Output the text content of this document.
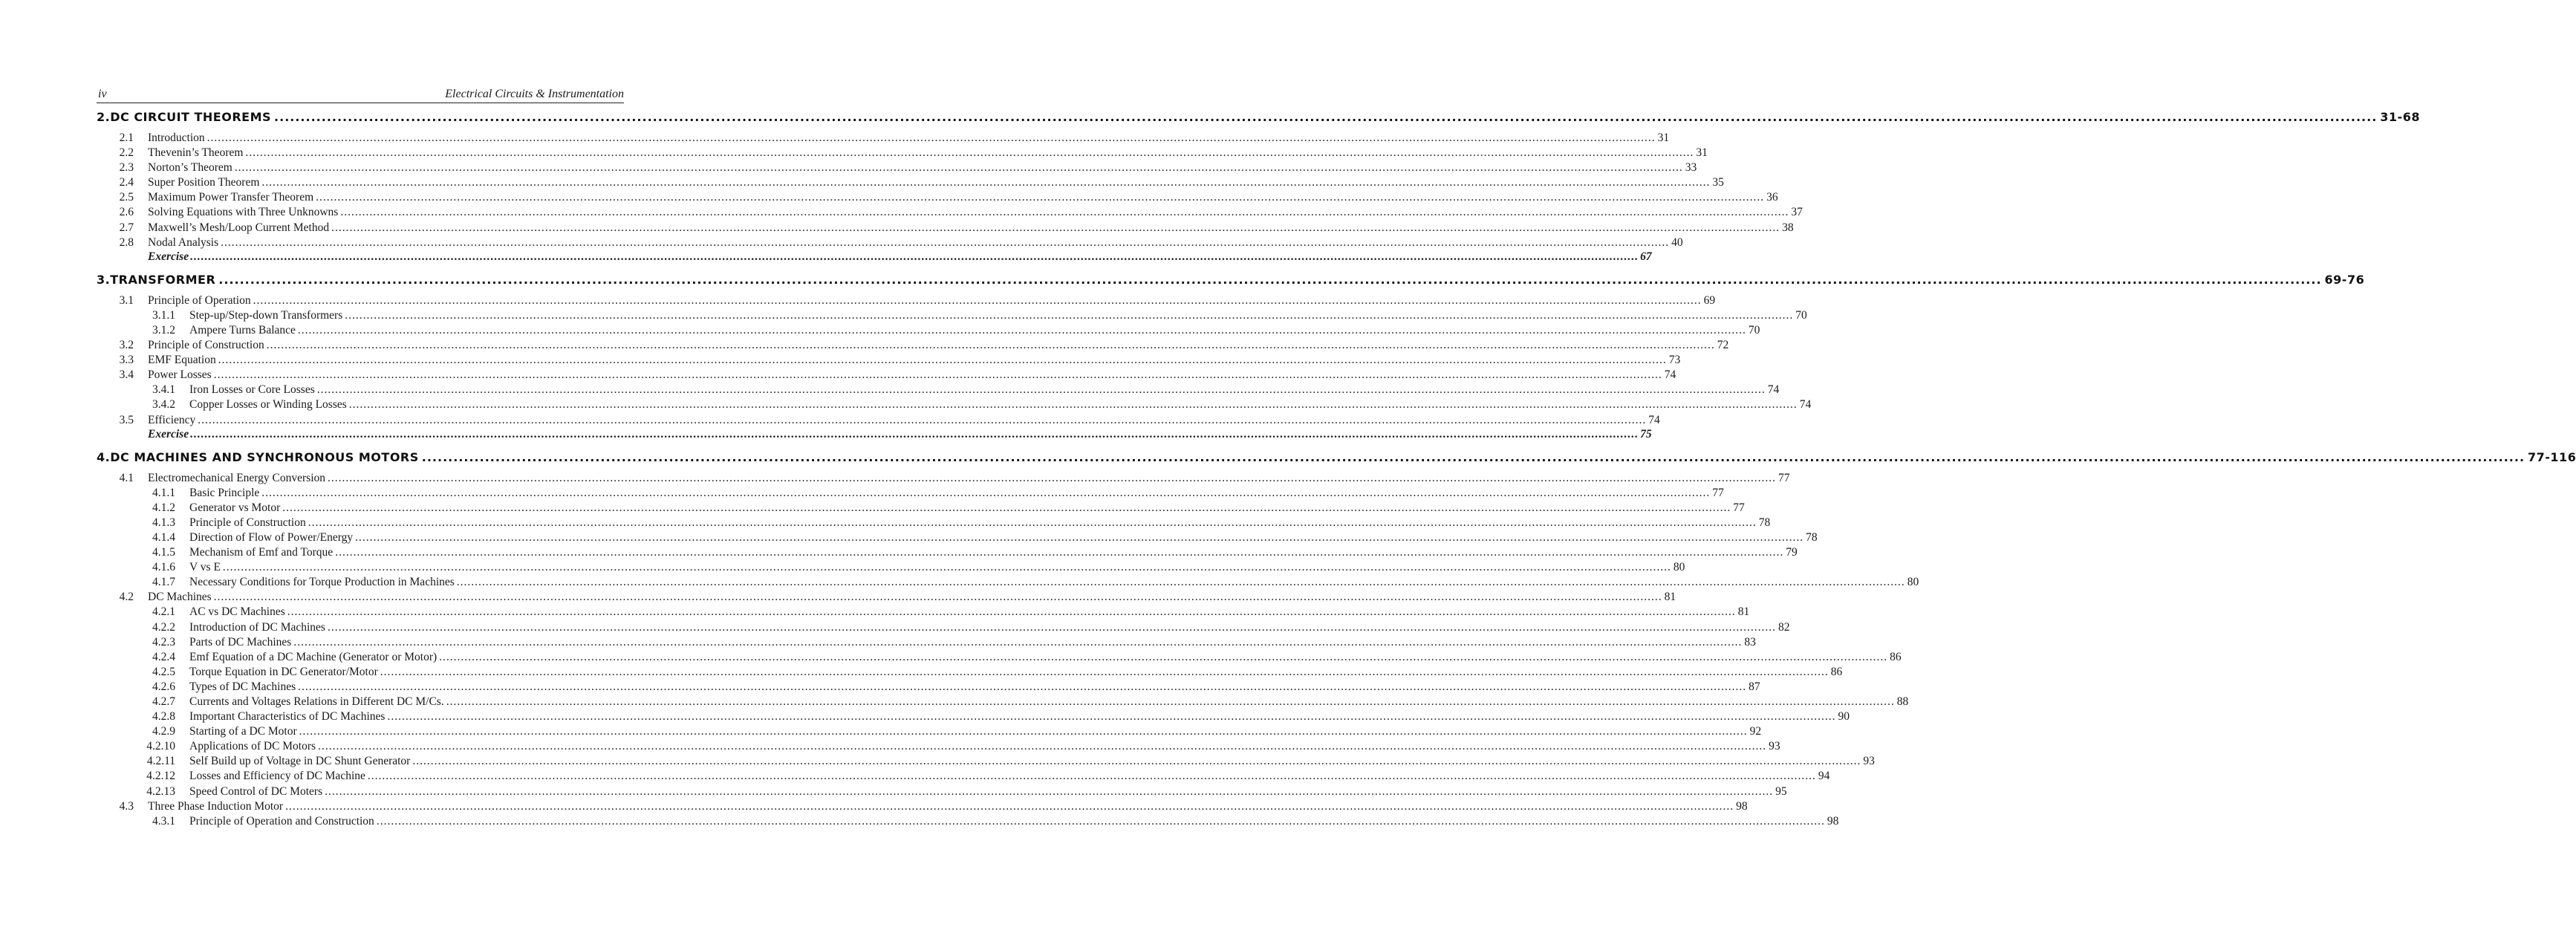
iv	Electrical Circuits & Instrumentation
2. DC CIRCUIT THEOREMS ................................................................................................................................................................................................................................................................................................................................................................................................................ 31-68
2.1 Introduction ................................................................................................................................................................................................................................................................................................................................................................................................................ 31
2.2 Thevenin’s Theorem ................................................................................................................................................................................................................................................................................................................................................................................................................ 31
2.3 Norton’s Theorem ................................................................................................................................................................................................................................................................................................................................................................................................................ 33
2.4 Super Position Theorem ................................................................................................................................................................................................................................................................................................................................................................................................................ 35
2.5 Maximum Power Transfer Theorem ................................................................................................................................................................................................................................................................................................................................................................................................................ 36
2.6 Solving Equations with Three Unknowns ................................................................................................................................................................................................................................................................................................................................................................................................................ 37
2.7 Maxwell’s Mesh/Loop Current Method ................................................................................................................................................................................................................................................................................................................................................................................................................ 38
2.8 Nodal Analysis ................................................................................................................................................................................................................................................................................................................................................................................................................ 40
Exercise ................................................................................................................................................................................................................................................................................................................................................................................................................ 67
3. TRANSFORMER ................................................................................................................................................................................................................................................................................................................................................................................................................ 69-76
3.1 Principle of Operation ................................................................................................................................................................................................................................................................................................................................................................................................................ 69
3.1.1 Step-up/Step-down Transformers ................................................................................................................................................................................................................................................................................................................................................................................................................ 70
3.1.2 Ampere Turns Balance ................................................................................................................................................................................................................................................................................................................................................................................................................ 70
3.2 Principle of Construction ................................................................................................................................................................................................................................................................................................................................................................................................................ 72
3.3 EMF Equation ................................................................................................................................................................................................................................................................................................................................................................................................................ 73
3.4 Power Losses ................................................................................................................................................................................................................................................................................................................................................................................................................ 74
3.4.1 Iron Losses or Core Losses ................................................................................................................................................................................................................................................................................................................................................................................................................ 74
3.4.2 Copper Losses or Winding Losses ................................................................................................................................................................................................................................................................................................................................................................................................................ 74
3.5 Efficiency ................................................................................................................................................................................................................................................................................................................................................................................................................ 74
Exercise ................................................................................................................................................................................................................................................................................................................................................................................................................ 75
4. DC MACHINES AND SYNCHRONOUS MOTORS ................................................................................................................................................................................................................................................................................................................................................................................................................ 77-116
4.1 Electromechanical Energy Conversion ................................................................................................................................................................................................................................................................................................................................................................................................................ 77
4.1.1 Basic Principle ................................................................................................................................................................................................................................................................................................................................................................................................................ 77
4.1.2 Generator vs Motor ................................................................................................................................................................................................................................................................................................................................................................................................................ 77
4.1.3 Principle of Construction ................................................................................................................................................................................................................................................................................................................................................................................................................ 78
4.1.4 Direction of Flow of Power/Energy ................................................................................................................................................................................................................................................................................................................................................................................................................ 78
4.1.5 Mechanism of Emf and Torque ................................................................................................................................................................................................................................................................................................................................................................................................................ 79
4.1.6 V vs E ................................................................................................................................................................................................................................................................................................................................................................................................................ 80
4.1.7 Necessary Conditions for Torque Production in Machines ................................................................................................................................................................................................................................................................................................................................................................................................................ 80
4.2 DC Machines ................................................................................................................................................................................................................................................................................................................................................................................................................ 81
4.2.1 AC vs DC Machines ................................................................................................................................................................................................................................................................................................................................................................................................................ 81
4.2.2 Introduction of DC Machines ................................................................................................................................................................................................................................................................................................................................................................................................................ 82
4.2.3 Parts of DC Machines ................................................................................................................................................................................................................................................................................................................................................................................................................ 83
4.2.4 Emf Equation of a DC Machine (Generator or Motor) ................................................................................................................................................................................................................................................................................................................................................................................................................ 86
4.2.5 Torque Equation in DC Generator/Motor ................................................................................................................................................................................................................................................................................................................................................................................................................ 86
4.2.6 Types of DC Machines ................................................................................................................................................................................................................................................................................................................................................................................................................ 87
4.2.7 Currents and Voltages Relations in Different DC M/Cs. ................................................................................................................................................................................................................................................................................................................................................................................................................ 88
4.2.8 Important Characteristics of DC Machines ................................................................................................................................................................................................................................................................................................................................................................................................................ 90
4.2.9 Starting of a DC Motor ................................................................................................................................................................................................................................................................................................................................................................................................................ 92
4.2.10 Applications of DC Motors ................................................................................................................................................................................................................................................................................................................................................................................................................ 93
4.2.11 Self Build up of Voltage in DC Shunt Generator ................................................................................................................................................................................................................................................................................................................................................................................................................ 93
4.2.12 Losses and Efficiency of DC Machine ................................................................................................................................................................................................................................................................................................................................................................................................................ 94
4.2.13 Speed Control of DC Moters ................................................................................................................................................................................................................................................................................................................................................................................................................ 95
4.3 Three Phase Induction Motor ................................................................................................................................................................................................................................................................................................................................................................................................................ 98
4.3.1 Principle of Operation and Construction ................................................................................................................................................................................................................................................................................................................................................................................................................ 98
